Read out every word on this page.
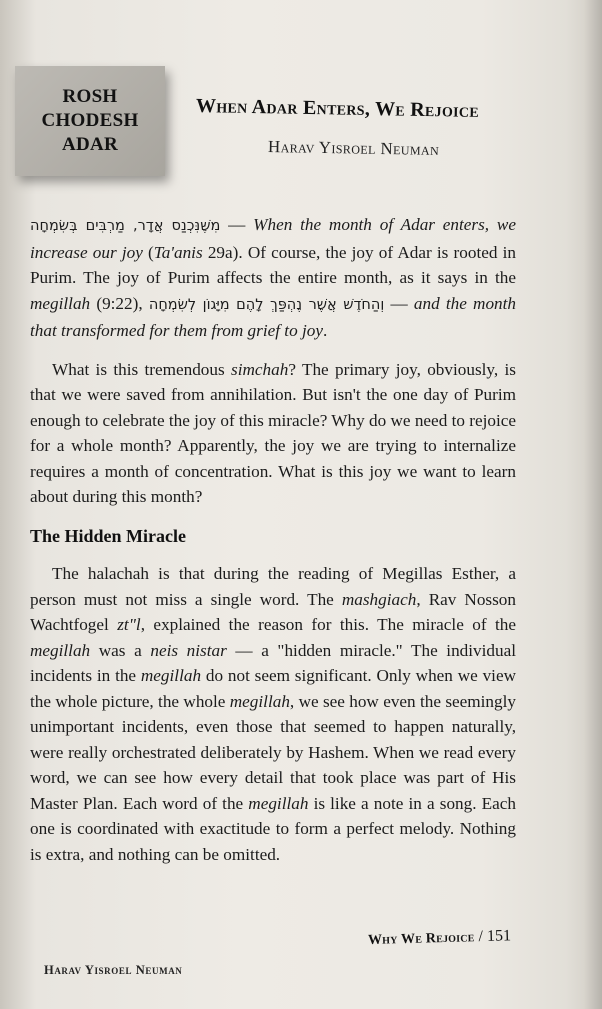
ROSH
CHODESH
ADAR
When Adar Enters, We Rejoice
Harav Yisroel Neuman

מִשֶּׁנִּכְנַס אֲדָר, מַרְבִּים בְּשִׂמְחָה — When the month of Adar enters, we increase our joy (Ta'anis 29a). Of course, the joy of Adar is rooted in Purim. The joy of Purim affects the entire month, as it says in the megillah (9:22), וְהַחֹדֶשׁ אֲשֶׁר נֶהְפַּךְ לָהֶם מִיָּגוֹן לְשִׂמְחָה — and the month that transformed for them from grief to joy.

What is this tremendous simchah? The primary joy, obviously, is that we were saved from annihilation. But isn't the one day of Purim enough to celebrate the joy of this miracle? Why do we need to rejoice for a whole month? Apparently, the joy we are trying to internalize requires a month of concentration. What is this joy we want to learn about during this month?

The Hidden Miracle

The halachah is that during the reading of Megillas Esther, a person must not miss a single word. The mashgiach, Rav Nosson Wachtfogel zt"l, explained the reason for this. The miracle of the megillah was a neis nistar — a "hidden miracle." The individual incidents in the megillah do not seem significant. Only when we view the whole picture, the whole megillah, we see how even the seemingly unimportant incidents, even those that seemed to happen naturally, were really orchestrated deliberately by Hashem. When we read every word, we can see how every detail that took place was part of His Master Plan. Each word of the megillah is like a note in a song. Each one is coordinated with exactitude to form a perfect melody. Nothing is extra, and nothing can be omitted.

Why We Rejoice / 151
Harav Yisroel Neuman
